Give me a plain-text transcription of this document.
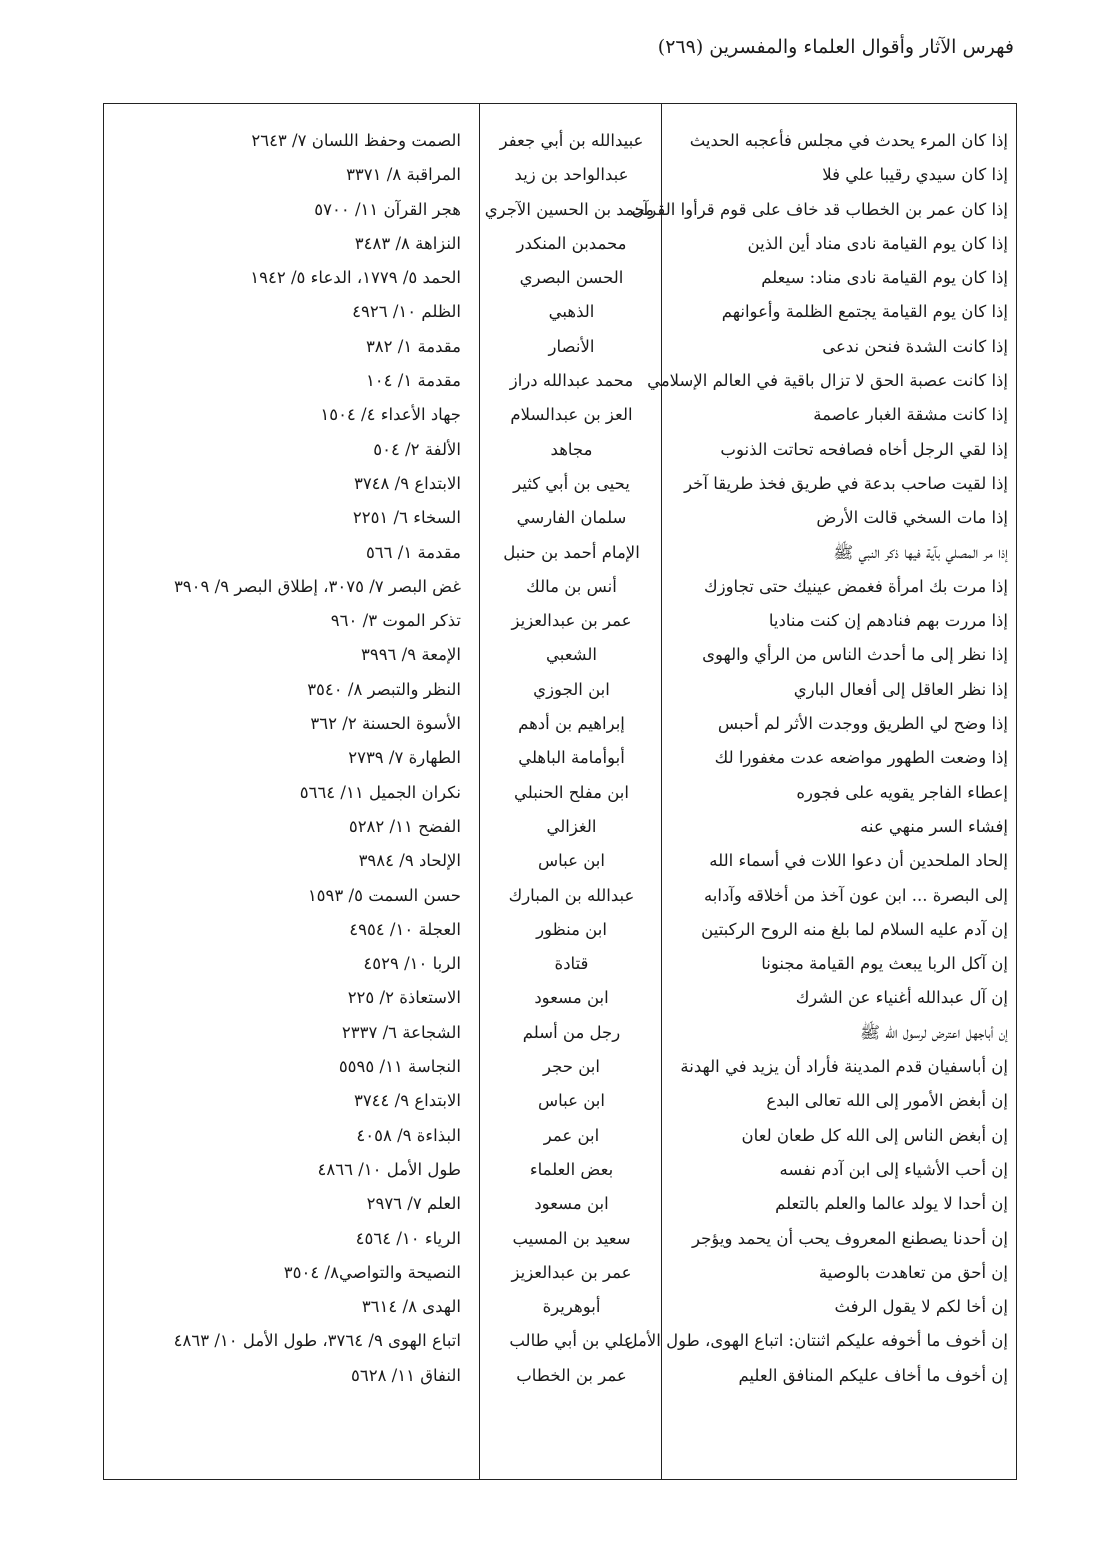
فهرس الآثار وأقوال العلماء والمفسرين (٢٦٩)
إذا كان المرء يحدث في مجلس فأعجبه الحديث
عبيدالله بن أبي جعفر
الصمت وحفظ اللسان ٧/ ٢٦٤٣
إذا كان سيدي رقيبا علي فلا
عبدالواحد بن زيد
المراقبة ٨/ ٣٣٧١
إذا كان عمر بن الخطاب قد خاف على قوم قرأوا القرآن
محمد بن الحسين الآجري
هجر القرآن ١١/ ٥٧٠٠
إذا كان يوم القيامة نادى مناد أين الذين
محمدبن المنكدر
النزاهة ٨/ ٣٤٨٣
إذا كان يوم القيامة نادى مناد: سيعلم
الحسن البصري
الحمد ٥/ ١٧٧٩، الدعاء ٥/ ١٩٤٢
إذا كان يوم القيامة يجتمع الظلمة وأعوانهم
الذهبي
الظلم ١٠/ ٤٩٢٦
إذا كانت الشدة فنحن ندعى
الأنصار
مقدمة ١/ ٣٨٢
إذا كانت عصبة الحق لا تزال باقية في العالم الإسلامي
محمد عبدالله دراز
مقدمة ١/ ١٠٤
إذا كانت مشقة الغبار عاصمة
العز بن عبدالسلام
جهاد الأعداء ٤/ ١٥٠٤
إذا لقي الرجل أخاه فصافحه تحاتت الذنوب
مجاهد
الألفة ٢/ ٥٠٤
إذا لقيت صاحب بدعة في طريق فخذ طريقا آخر
يحيى بن أبي كثير
الابتداع ٩/ ٣٧٤٨
إذا مات السخي قالت الأرض
سلمان الفارسي
السخاء ٦/ ٢٢٥١
إذا مر المصلي بآية فيها ذكر النبي ﷺ
الإمام أحمد بن حنبل
مقدمة ١/ ٥٦٦
إذا مرت بك امرأة فغمض عينيك حتى تجاوزك
أنس بن مالك
غض البصر ٧/ ٣٠٧٥، إطلاق البصر ٩/ ٣٩٠٩
إذا مررت بهم فنادهم إن كنت مناديا
عمر بن عبدالعزيز
تذكر الموت ٣/ ٩٦٠
إذا نظر إلى ما أحدث الناس من الرأي والهوى
الشعبي
الإمعة ٩/ ٣٩٩٦
إذا نظر العاقل إلى أفعال الباري
ابن الجوزي
النظر والتبصر ٨/ ٣٥٤٠
إذا وضح لي الطريق ووجدت الأثر لم أحبس
إبراهيم بن أدهم
الأسوة الحسنة ٢/ ٣٦٢
إذا وضعت الطهور مواضعه عدت مغفورا لك
أبوأمامة الباهلي
الطهارة ٧/ ٢٧٣٩
إعطاء الفاجر يقويه على فجوره
ابن مفلح الحنبلي
نكران الجميل ١١/ ٥٦٦٤
إفشاء السر منهي عنه
الغزالي
الفضح ١١/ ٥٢٨٢
إلحاد الملحدين أن دعوا اللات في أسماء الله
ابن عباس
الإلحاد ٩/ ٣٩٨٤
إلى البصرة ... ابن عون آخذ من أخلاقه وآدابه
عبدالله بن المبارك
حسن السمت ٥/ ١٥٩٣
إن آدم عليه السلام لما بلغ منه الروح الركبتين
ابن منظور
العجلة ١٠/ ٤٩٥٤
إن آكل الربا يبعث يوم القيامة مجنونا
قتادة
الربا ١٠/ ٤٥٢٩
إن آل عبدالله أغنياء عن الشرك
ابن مسعود
الاستعاذة ٢/ ٢٢٥
إن أباجهل اعترض لرسول الله ﷺ
رجل من أسلم
الشجاعة ٦/ ٢٣٣٧
إن أباسفيان قدم المدينة فأراد أن يزيد في الهدنة
ابن حجر
النجاسة ١١/ ٥٥٩٥
إن أبغض الأمور إلى الله تعالى البدع
ابن عباس
الابتداع ٩/ ٣٧٤٤
إن أبغض الناس إلى الله كل طعان لعان
ابن عمر
البذاءة ٩/ ٤٠٥٨
إن أحب الأشياء إلى ابن آدم نفسه
بعض العلماء
طول الأمل ١٠/ ٤٨٦٦
إن أحدا لا يولد عالما والعلم بالتعلم
ابن مسعود
العلم ٧/ ٢٩٧٦
إن أحدنا يصطنع المعروف يحب أن يحمد ويؤجر
سعيد بن المسيب
الرياء ١٠/ ٤٥٦٤
إن أحق من تعاهدت بالوصية
عمر بن عبدالعزيز
النصيحة والتواصي٨/ ٣٥٠٤
إن أخا لكم لا يقول الرفث
أبوهريرة
الهدى ٨/ ٣٦١٤
إن أخوف ما أخوفه عليكم اثنتان: اتباع الهوى، طول الأمل
علي بن أبي طالب
اتباع الهوى ٩/ ٣٧٦٤، طول الأمل ١٠/ ٤٨٦٣
إن أخوف ما أخاف عليكم المنافق العليم
عمر بن الخطاب
النفاق ١١/ ٥٦٢٨
